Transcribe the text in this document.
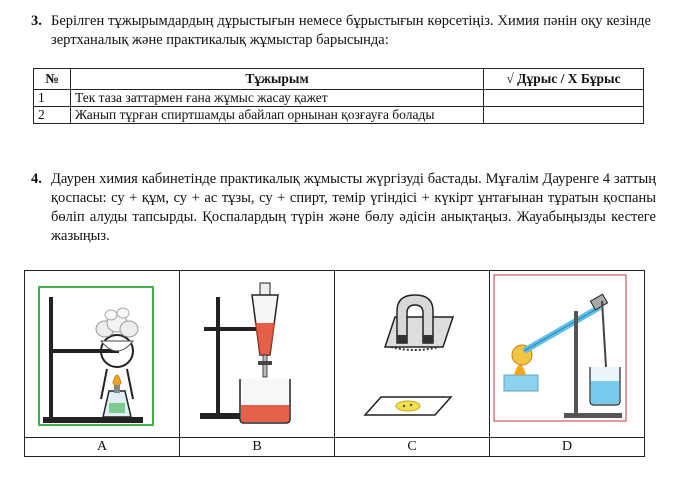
3. Берілген тұжырымдардың дұрыстығын немесе бұрыстығын көрсетіңіз. Химия пәнін оқу кезінде зертханалық және практикалық жұмыстар барысында:
№	Тұжырым	√ Дұрыс / X Бұрыс
1	Тек таза заттармен ғана жұмыс жасау қажет	
2	Жанып тұрған спиртшамды абайлап орнынан қозғауға болады	
4. Даурен химия кабинетінде практикалық жұмысты жүргізуді бастады. Мұғалім Дауренге 4 заттың қоспасы: су + құм, су + ас тұзы, су + спирт, темір үгіндісі + күкірт ұнтағынан тұратын қоспаны бөліп алуды тапсырды. Қоспалардың түрін және бөлу әдісін анықтаңыз. Жауабыңызды кестеге жазыңыз.

A	B	C	D
